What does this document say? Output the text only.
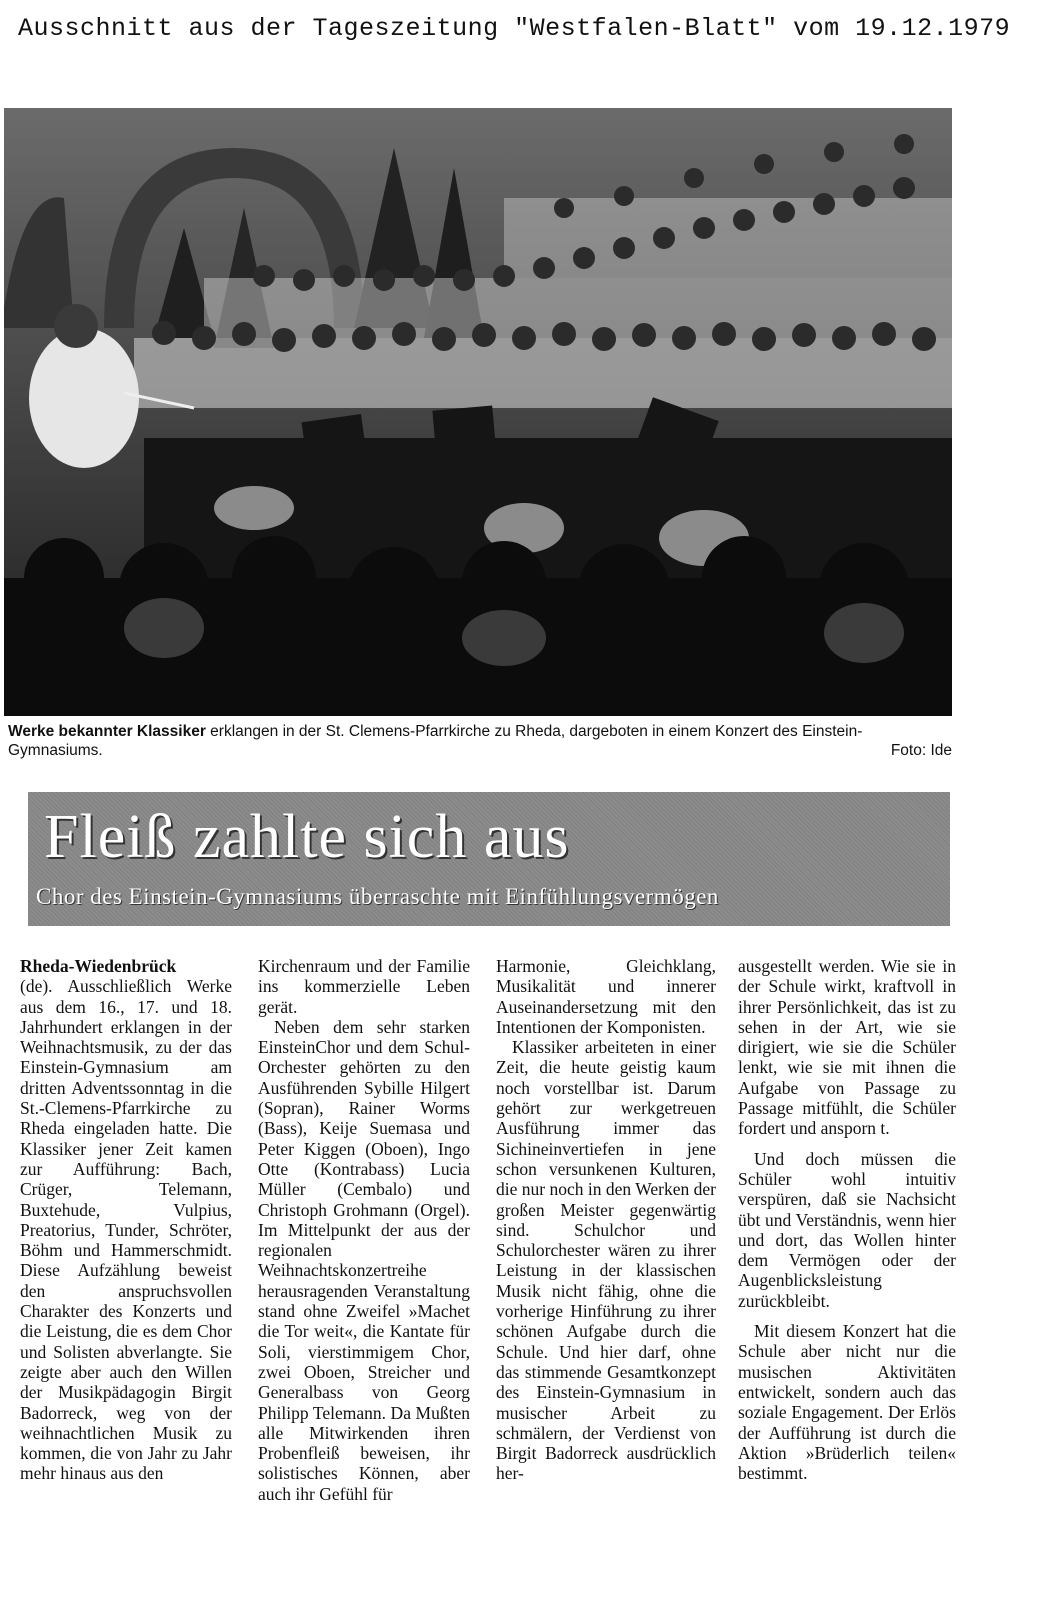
Ausschnitt aus der Tageszeitung "Westfalen-Blatt" vom 19.12.1979
Werke bekannter Klassiker erklangen in der St. Clemens-Pfarrkirche zu Rheda, dargeboten in einem Konzert des Einstein-Gymnasiums.	Foto: Ide
Fleiß zahlte sich aus
Chor des Einstein-Gymnasiums überraschte mit Einfühlungsvermögen

Rheda-Wiedenbrück
(de). Ausschließlich Werke aus dem 16., 17. und 18. Jahrhundert erklangen in der Weihnachtsmusik, zu der das Einstein-Gymnasium am dritten Adventssonntag in die St.-Clemens-Pfarrkirche zu Rheda eingeladen hatte. Die Klassiker jener Zeit kamen zur Aufführung: Bach, Crüger, Telemann, Buxtehude, Vulpius, Preatorius, Tunder, Schröter, Böhm und Hammerschmidt. Diese Aufzählung beweist den anspruchsvollen Charakter des Konzerts und die Leistung, die es dem Chor und Solisten abverlangte. Sie zeigte aber auch den Willen der Musikpädagogin Birgit Badorreck, weg von der weihnachtlichen Musik zu kommen, die von Jahr zu Jahr mehr hinaus aus den

Kirchenraum und der Familie ins kommerzielle Leben gerät.

Neben dem sehr starken EinsteinChor und dem Schul-Orchester gehörten zu den Ausführenden Sybille Hilgert (Sopran), Rainer Worms (Bass), Keije Suemasa und Peter Kiggen (Oboen), Ingo Otte (Kontrabass) Lucia Müller (Cembalo) und Christoph Grohmann (Orgel). Im Mittelpunkt der aus der regionalen Weihnachtskonzertreihe herausragenden Veranstaltung stand ohne Zweifel »Machet die Tor weit«, die Kantate für Soli, vierstimmigem Chor, zwei Oboen, Streicher und Generalbass von Georg Philipp Telemann. Da Mußten alle Mitwirkenden ihren Probenfleiß beweisen, ihr solistisches Können, aber auch ihr Gefühl für

Harmonie, Gleichklang, Musikalität und innerer Auseinandersetzung mit den Intentionen der Komponisten.

Klassiker arbeiteten in einer Zeit, die heute geistig kaum noch vorstellbar ist. Darum gehört zur werkgetreuen Ausführung immer das Sichineinvertiefen in jene schon versunkenen Kulturen, die nur noch in den Werken der großen Meister gegenwärtig sind. Schulchor und Schulorchester wären zu ihrer Leistung in der klassischen Musik nicht fähig, ohne die vorherige Hinführung zu ihrer schönen Aufgabe durch die Schule. Und hier darf, ohne das stimmende Gesamtkonzept des Einstein-Gymnasium in musischer Arbeit zu schmälern, der Verdienst von Birgit Badorreck ausdrücklich her-

ausgestellt werden. Wie sie in der Schule wirkt, kraftvoll in ihrer Persönlichkeit, das ist zu sehen in der Art, wie sie dirigiert, wie sie die Schüler lenkt, wie sie mit ihnen die Aufgabe von Passage zu Passage mitfühlt, die Schüler fordert und ansporn t.

Und doch müssen die Schüler wohl intuitiv verspüren, daß sie Nachsicht übt und Verständnis, wenn hier und dort, das Wollen hinter dem Vermögen oder der Augenblicksleistung zurückbleibt.

Mit diesem Konzert hat die Schule aber nicht nur die musischen Aktivitäten entwickelt, sondern auch das soziale Engagement. Der Erlös der Aufführung ist durch die Aktion »Brüderlich teilen« bestimmt.
